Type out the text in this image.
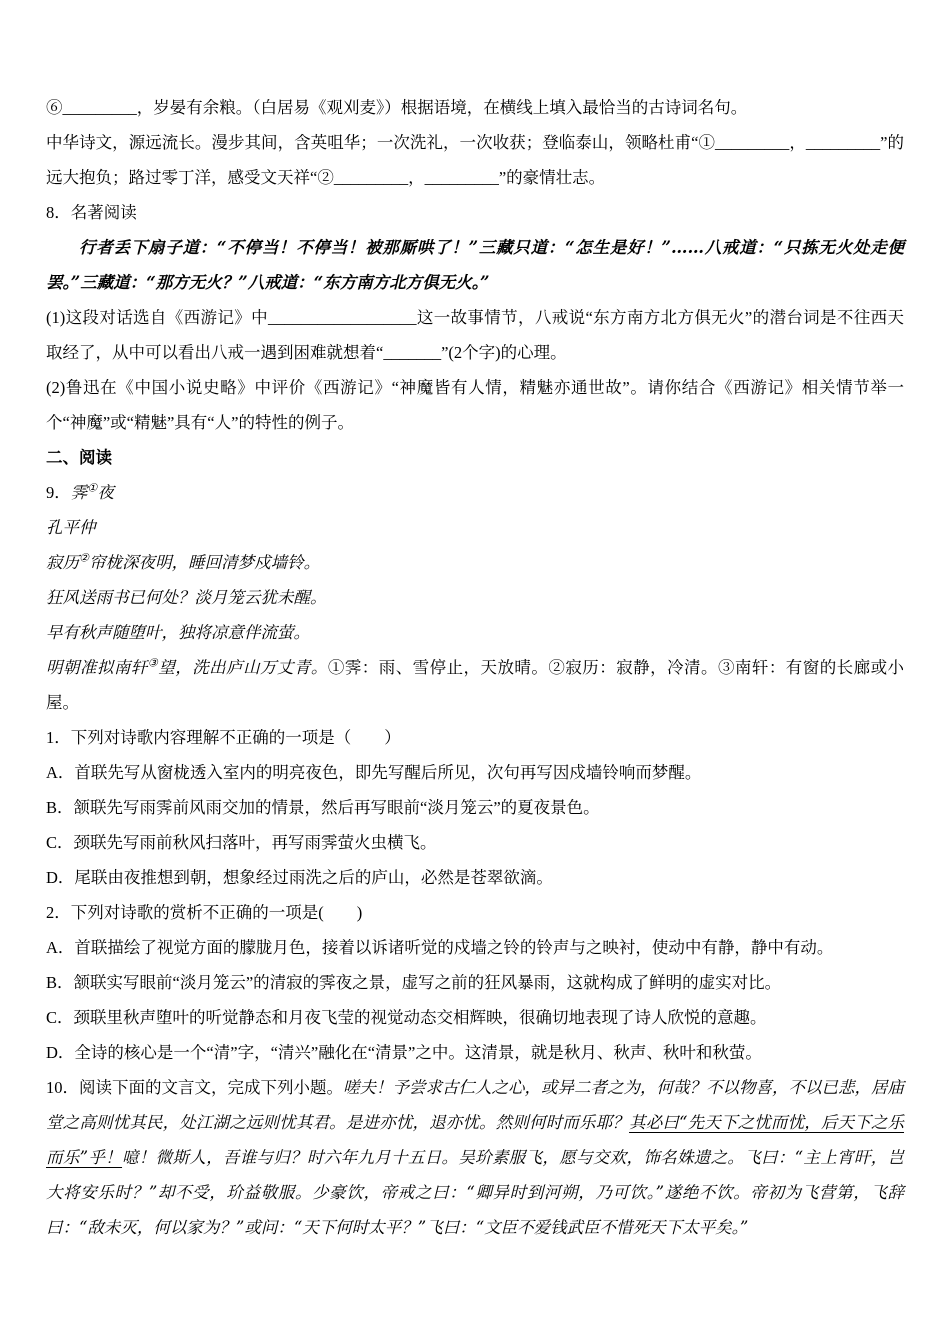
⑥_________，岁晏有余粮。（白居易《观刈麦》）根据语境，在横线上填入最恰当的古诗词名句。

中华诗文，源远流长。漫步其间，含英咀华；一次洗礼，一次收获；登临泰山，领略杜甫“①_________，_________”的远大抱负；路过零丁洋，感受文天祥“②_________，_________”的豪情壮志。

8．名著阅读

行者丢下扇子道：“不停当！不停当！被那厮哄了！”三藏只道：“怎生是好！”……八戒道：“只拣无火处走便罢。”三藏道：“那方无火？”八戒道：“东方南方北方俱无火。”

(1)这段对话选自《西游记》中__________________这一故事情节，八戒说“东方南方北方俱无火”的潜台词是不往西天取经了，从中可以看出八戒一遇到困难就想着“_______”(2个字)的心理。

(2)鲁迅在《中国小说史略》中评价《西游记》“神魔皆有人情，精魅亦通世故”。请你结合《西游记》相关情节举一个“神魔”或“精魅”具有“人”的特性的例子。

二、阅读

9．霁①夜

孔平仲

寂历②帘栊深夜明，睡回清梦戍墙铃。

狂风送雨书已何处？淡月笼云犹未醒。

早有秋声随堕叶，独将凉意伴流萤。

明朝准拟南轩③望，洗出庐山万丈青。①霁：雨、雪停止，天放晴。②寂历：寂静，冷清。③南轩：有窗的长廊或小屋。

1．下列对诗歌内容理解不正确的一项是（　　）

A．首联先写从窗栊透入室内的明亮夜色，即先写醒后所见，次句再写因戍墙铃响而梦醒。

B．颔联先写雨霁前风雨交加的情景，然后再写眼前“淡月笼云”的夏夜景色。

C．颈联先写雨前秋风扫落叶，再写雨霁萤火虫横飞。

D．尾联由夜推想到朝，想象经过雨洗之后的庐山，必然是苍翠欲滴。

2．下列对诗歌的赏析不正确的一项是(　　)

A．首联描绘了视觉方面的朦胧月色，接着以诉诸听觉的戍墙之铃的铃声与之映衬，使动中有静，静中有动。

B．颔联实写眼前“淡月笼云”的清寂的霁夜之景，虚写之前的狂风暴雨，这就构成了鲜明的虚实对比。

C．颈联里秋声堕叶的听觉静态和月夜飞莹的视觉动态交相辉映，很确切地表现了诗人欣悦的意趣。

D．全诗的核心是一个“清”字，“清兴”融化在“清景”之中。这清景，就是秋月、秋声、秋叶和秋萤。

10．阅读下面的文言文，完成下列小题。嗟夫！予尝求古仁人之心，或异二者之为，何哉？不以物喜，不以已悲，居庙堂之高则忧其民，处江湖之远则忧其君。是进亦忧，退亦忧。然则何时而乐耶？其必曰“先天下之忧而忧，后天下之乐而乐”乎！噫！微斯人，吾谁与归？时六年九月十五日。吴玠素服飞，愿与交欢，饰名姝遗之。飞曰：“主上宵旰，岂大将安乐时？”却不受，玠益敬服。少豪饮，帝戒之曰：“卿异时到河朔，乃可饮。”遂绝不饮。帝初为飞营第，飞辞曰：“敌未灭，何以家为？”或问：“天下何时太平？”飞曰：“文臣不爱钱武臣不惜死天下太平矣。”
